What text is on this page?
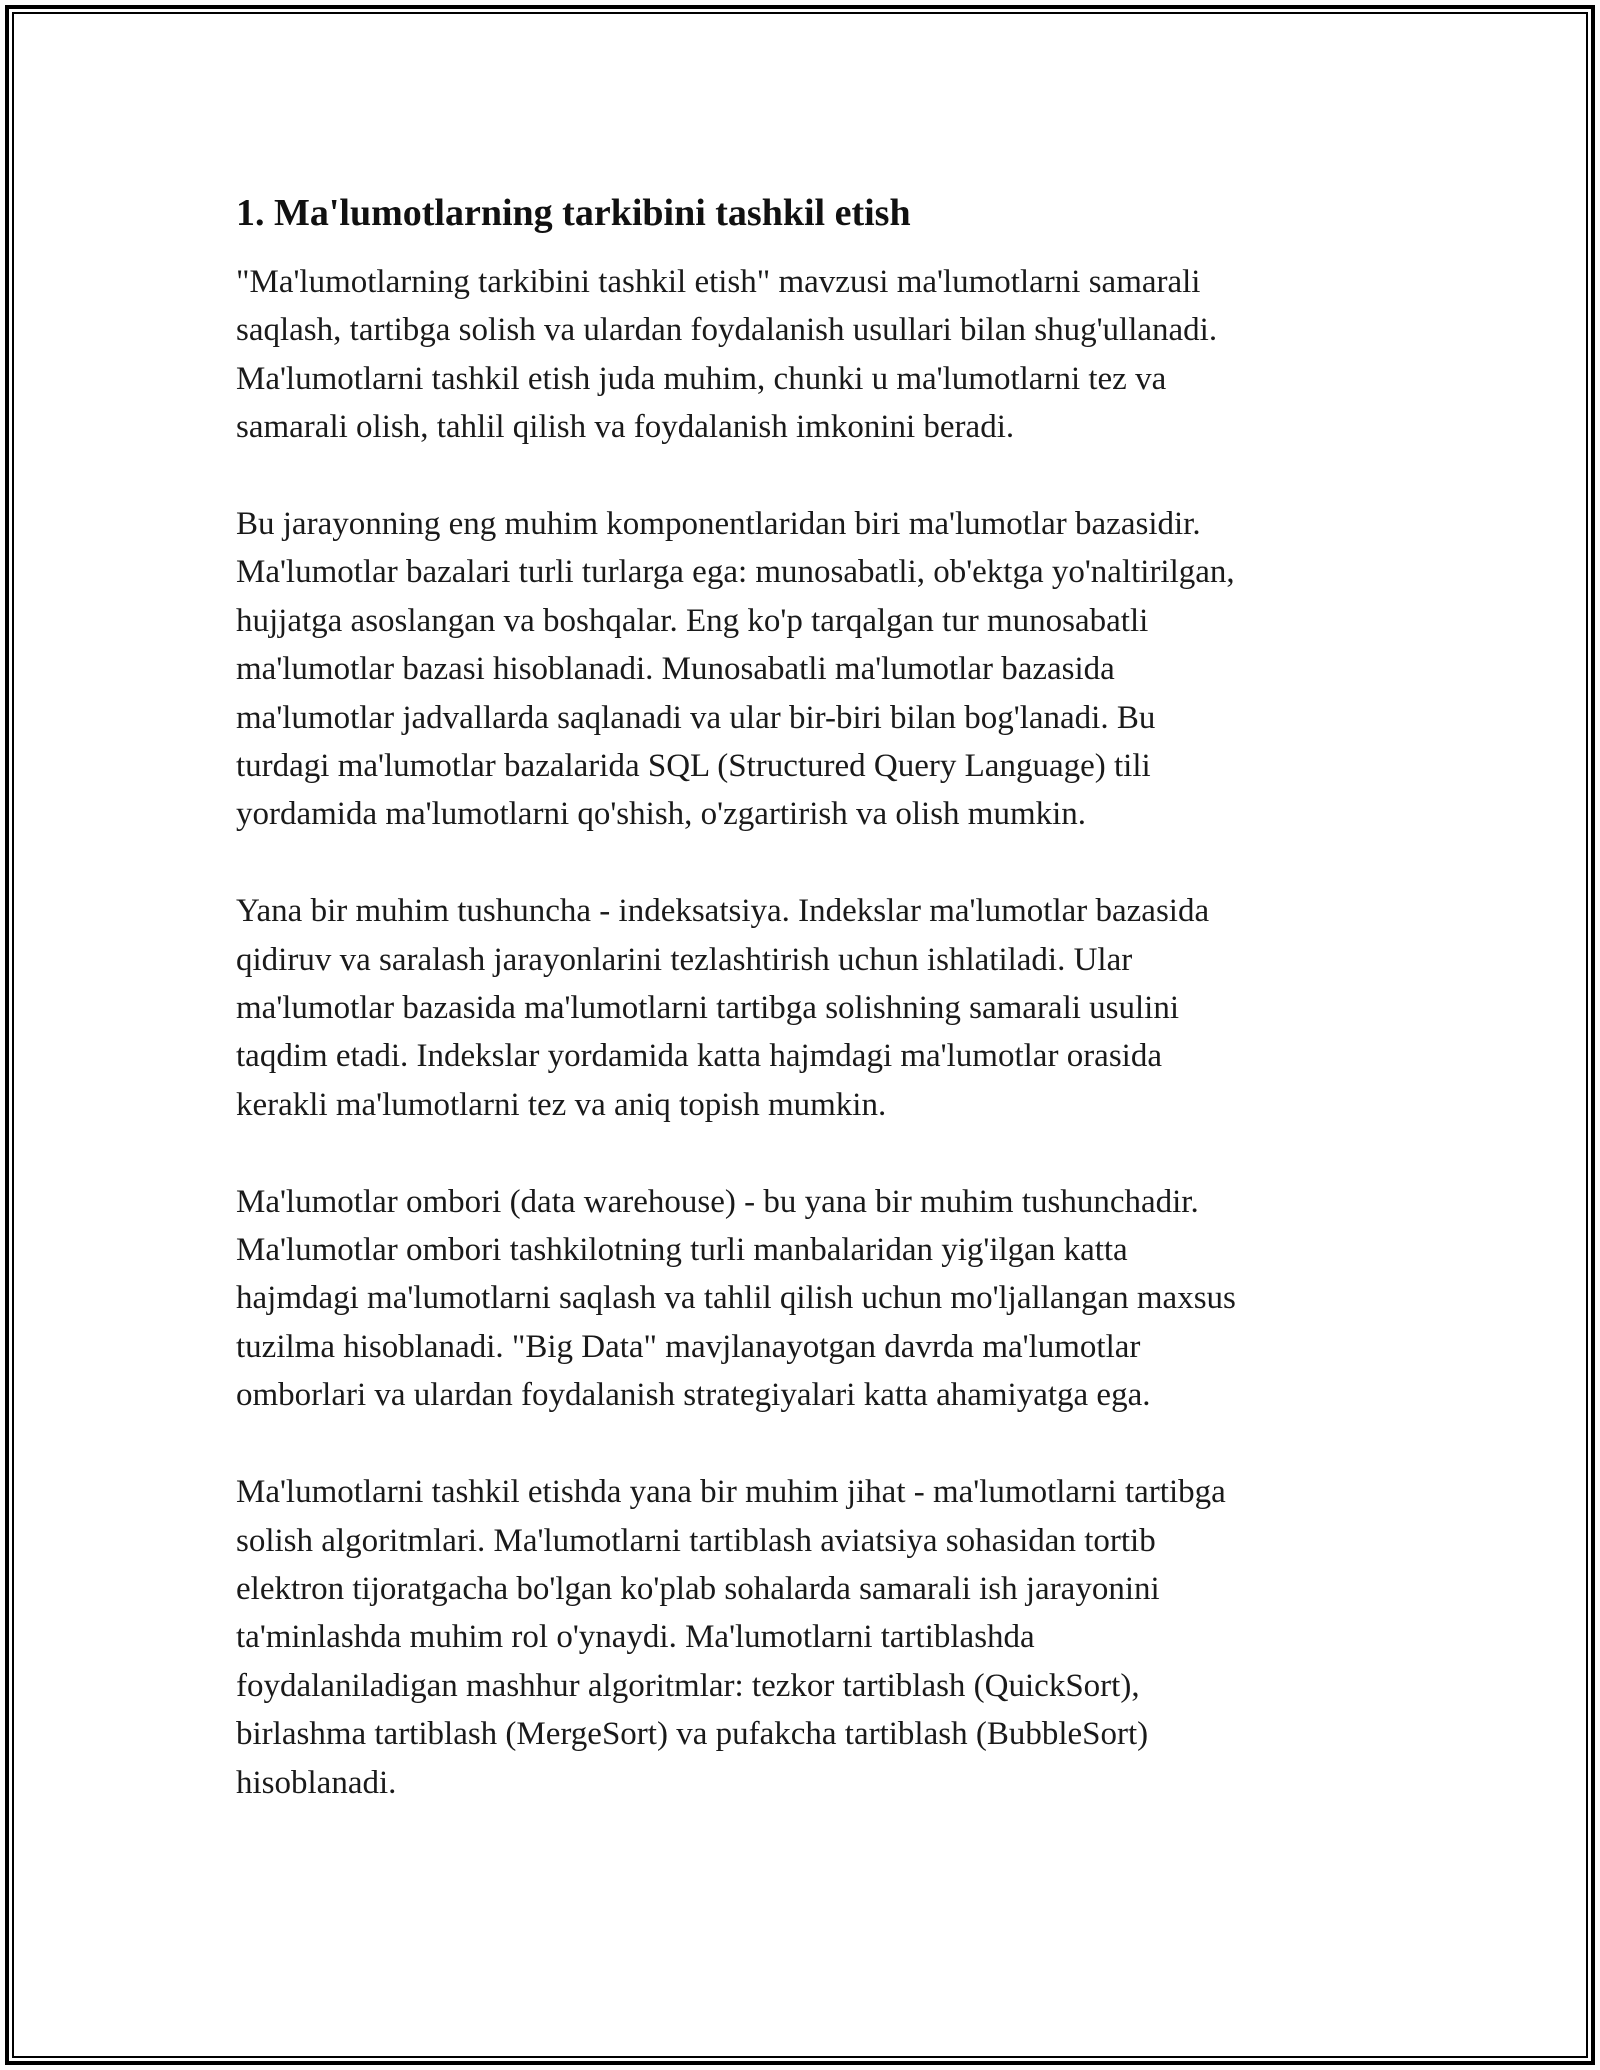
1. Ma'lumotlarning tarkibini tashkil etish

"Ma'lumotlarning tarkibini tashkil etish" mavzusi ma'lumotlarni samarali
saqlash, tartibga solish va ulardan foydalanish usullari bilan shug'ullanadi.
Ma'lumotlarni tashkil etish juda muhim, chunki u ma'lumotlarni tez va
samarali olish, tahlil qilish va foydalanish imkonini beradi.

Bu jarayonning eng muhim komponentlaridan biri ma'lumotlar bazasidir.
Ma'lumotlar bazalari turli turlarga ega: munosabatli, ob'ektga yo'naltirilgan,
hujjatga asoslangan va boshqalar. Eng ko'p tarqalgan tur munosabatli
ma'lumotlar bazasi hisoblanadi. Munosabatli ma'lumotlar bazasida
ma'lumotlar jadvallarda saqlanadi va ular bir-biri bilan bog'lanadi. Bu
turdagi ma'lumotlar bazalarida SQL (Structured Query Language) tili
yordamida ma'lumotlarni qo'shish, o'zgartirish va olish mumkin.

Yana bir muhim tushuncha - indeksatsiya. Indekslar ma'lumotlar bazasida
qidiruv va saralash jarayonlarini tezlashtirish uchun ishlatiladi. Ular
ma'lumotlar bazasida ma'lumotlarni tartibga solishning samarali usulini
taqdim etadi. Indekslar yordamida katta hajmdagi ma'lumotlar orasida
kerakli ma'lumotlarni tez va aniq topish mumkin.

Ma'lumotlar ombori (data warehouse) - bu yana bir muhim tushunchadir.
Ma'lumotlar ombori tashkilotning turli manbalaridan yig'ilgan katta
hajmdagi ma'lumotlarni saqlash va tahlil qilish uchun mo'ljallangan maxsus
tuzilma hisoblanadi. "Big Data" mavjlanayotgan davrda ma'lumotlar
omborlari va ulardan foydalanish strategiyalari katta ahamiyatga ega.

Ma'lumotlarni tashkil etishda yana bir muhim jihat - ma'lumotlarni tartibga
solish algoritmlari. Ma'lumotlarni tartiblash aviatsiya sohasidan tortib
elektron tijoratgacha bo'lgan ko'plab sohalarda samarali ish jarayonini
ta'minlashda muhim rol o'ynaydi. Ma'lumotlarni tartiblashda
foydalaniladigan mashhur algoritmlar: tezkor tartiblash (QuickSort),
birlashma tartiblash (MergeSort) va pufakcha tartiblash (BubbleSort)
hisoblanadi.
